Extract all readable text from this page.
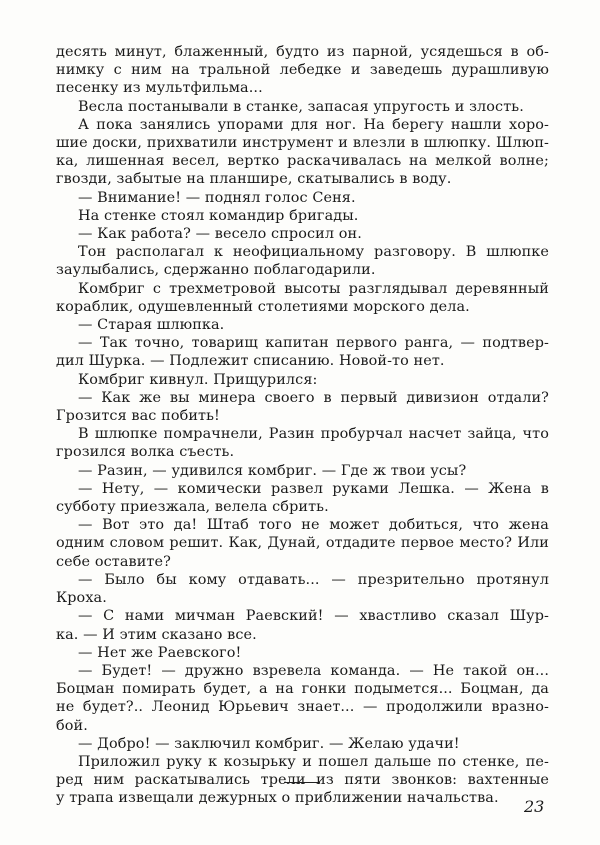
десять минут, блаженный, будто из парной, усядешься в об-
нимку с ним на тральной лебедке и заведешь дурашливую
песенку из мультфильма...
Весла постанывали в станке, запасая упругость и злость.
А пока занялись упорами для ног. На берегу нашли хоро-
шие доски, прихватили инструмент и влезли в шлюпку. Шлюп-
ка, лишенная весел, вертко раскачивалась на мелкой волне;
гвозди, забытые на планшире, скатывались в воду.
— Внимание! — поднял голос Сеня.
На стенке стоял командир бригады.
— Как работа? — весело спросил он.
Тон располагал к неофициальному разговору. В шлюпке
заулыбались, сдержанно поблагодарили.
Комбриг с трехметровой высоты разглядывал деревянный
кораблик, одушевленный столетиями морского дела.
— Старая шлюпка.
— Так точно, товарищ капитан первого ранга, — подтвер-
дил Шурка. — Подлежит списанию. Новой-то нет.
Комбриг кивнул. Прищурился:
— Как же вы минера своего в первый дивизион отдали?
Грозится вас побить!
В шлюпке помрачнели, Разин пробурчал насчет зайца, что
грозился волка съесть.
— Разин, — удивился комбриг. — Где ж твои усы?
— Нету, — комически развел руками Лешка. — Жена в
субботу приезжала, велела сбрить.
— Вот это да! Штаб того не может добиться, что жена
одним словом решит. Как, Дунай, отдадите первое место? Или
себе оставите?
— Было бы кому отдавать... — презрительно протянул
Кроха.
— С нами мичман Раевский! — хвастливо сказал Шур-
ка. — И этим сказано все.
— Нет же Раевского!
— Будет! — дружно взревела команда. — Не такой он...
Боцман помирать будет, а на гонки подымется... Боцман, да
не будет?.. Леонид Юрьевич знает... — продолжили вразно-
бой.
— Добро! — заключил комбриг. — Желаю удачи!
Приложил руку к козырьку и пошел дальше по стенке, пе-
ред ним раскатывались трели из пяти звонков: вахтенные
у трапа извещали дежурных о приближении начальства.	23
